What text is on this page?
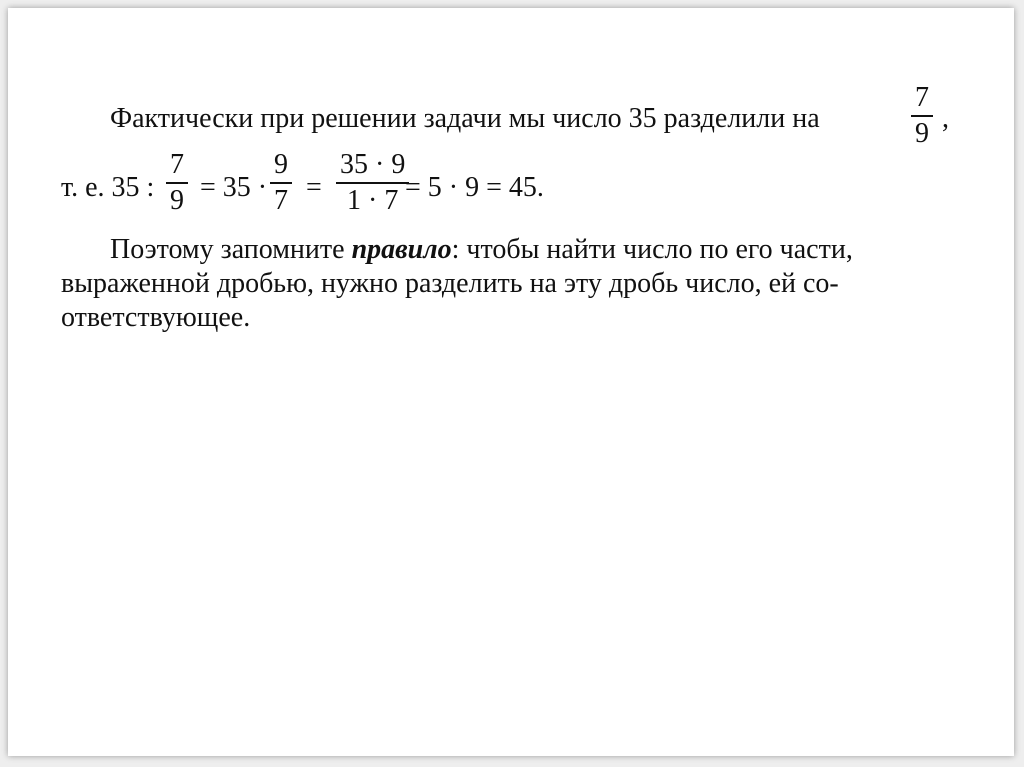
Фактически при решении задачи мы число 35 разделили на
7
9 ,
т. е. 35 :
7
9 = 35 ·
9
7 =
35 · 9
1 · 7 = 5 · 9 = 45.
Поэтому запомните правило: чтобы найти число по его части,
выраженной дробью, нужно разделить на эту дробь число, ей со-
ответствующее.
